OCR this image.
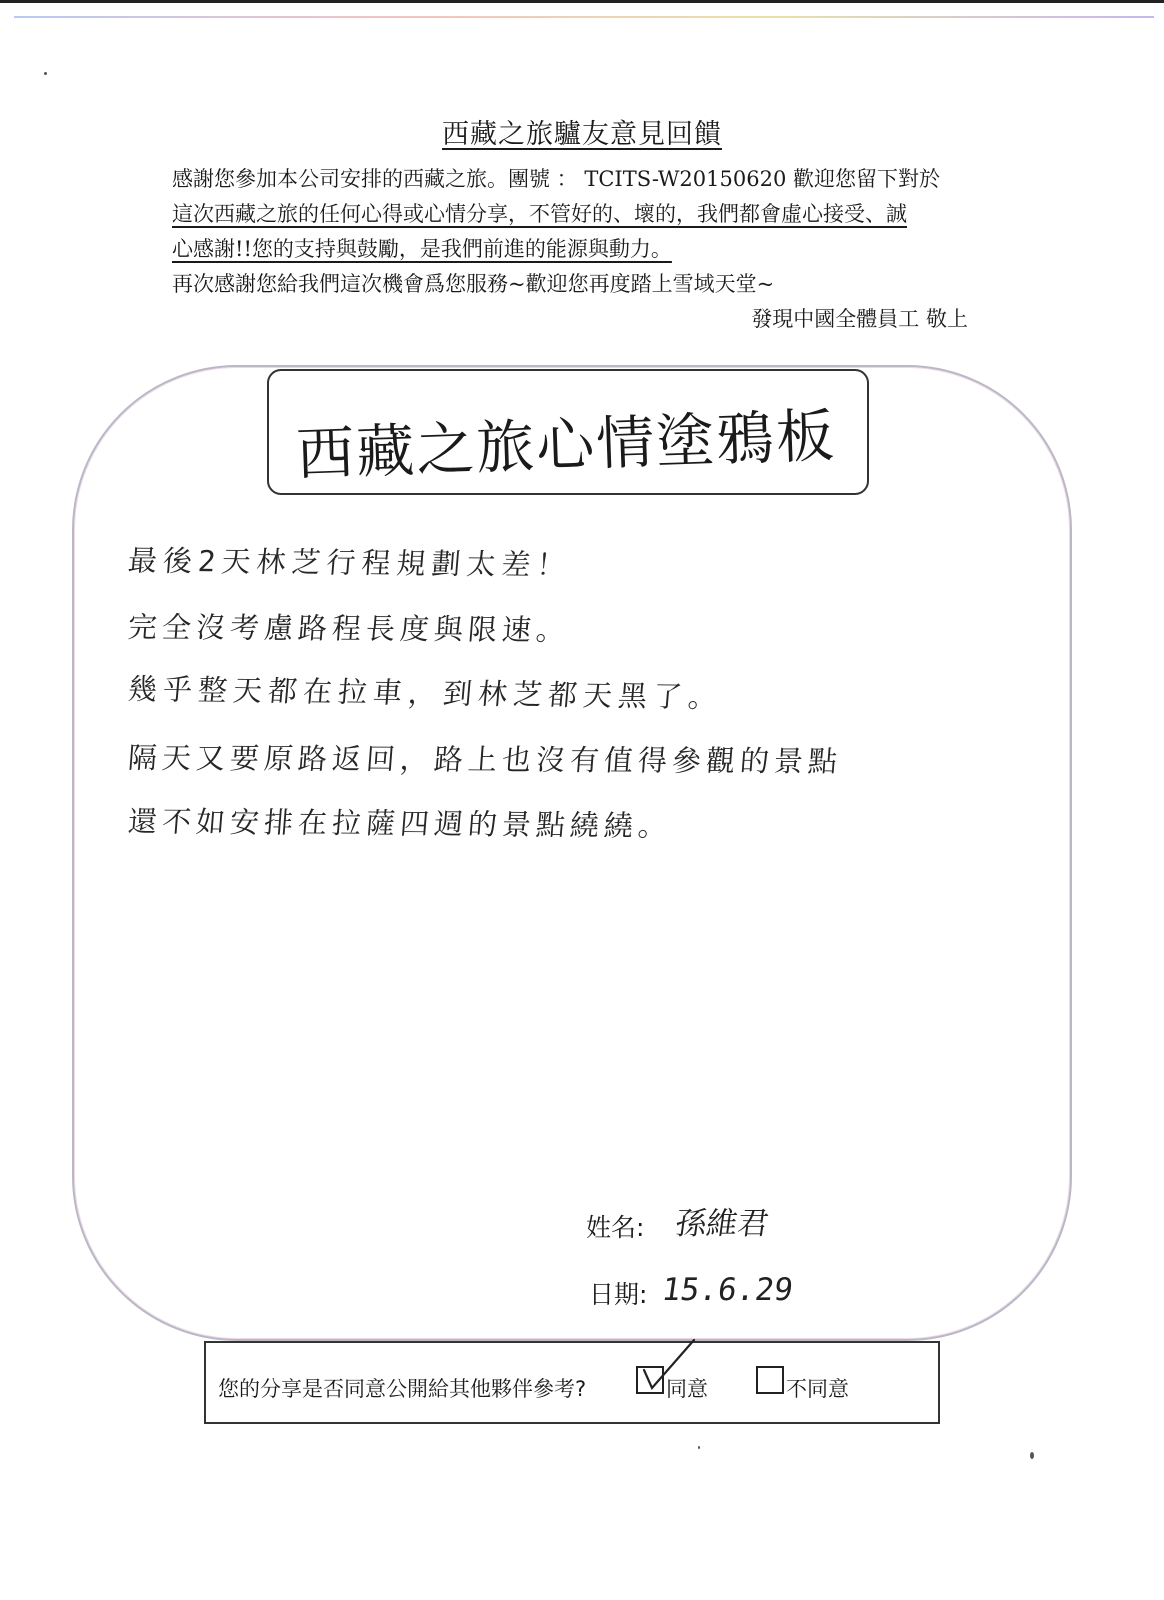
西藏之旅驢友意見回饋

感謝您參加本公司安排的西藏之旅。團號 ： TCITS-W20150620 歡迎您留下對於

這次西藏之旅的任何心得或心情分享，不管好的、壞的，我們都會虛心接受、誠

心感謝!!您的支持與鼓勵，是我們前進的能源與動力。

再次感謝您給我們這次機會爲您服務~歡迎您再度踏上雪域天堂~

發現中國全體員工 敬上
西藏之旅心情塗鴉板
最後2天林芝行程規劃太差！
完全沒考慮路程長度與限速。
幾乎整天都在拉車，到林芝都天黑了。
隔天又要原路返回，路上也沒有值得參觀的景點
還不如安排在拉薩四週的景點繞繞。
姓名: 孫維君
日期: 15.6.29
您的分享是否同意公開給其他夥伴參考?	同意	不同意
